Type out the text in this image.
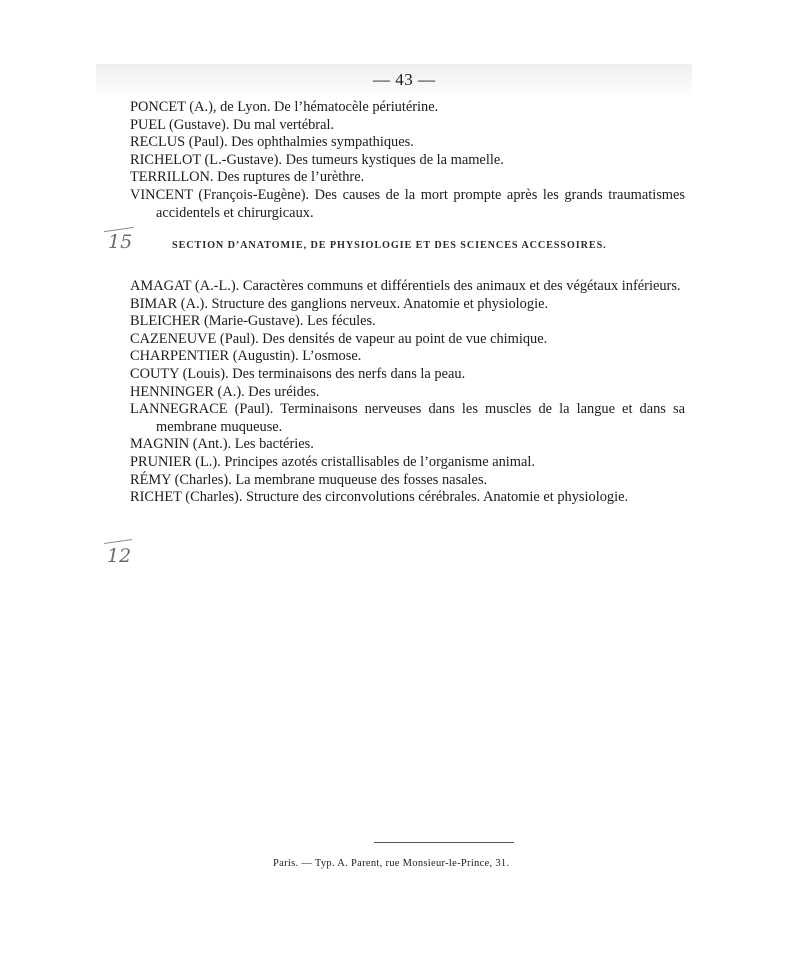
— 43 —

PONCET (A.), de Lyon. De l’hématocèle périutérine.

PUEL (Gustave). Du mal vertébral.

RECLUS (Paul). Des ophthalmies sympathiques.

RICHELOT (L.-Gustave). Des tumeurs kystiques de la mamelle.

TERRILLON. Des ruptures de l’urèthre.

VINCENT (François-Eugène). Des causes de la mort prompte après les grands traumatismes accidentels et chirurgicaux.

15	SECTION D’ANATOMIE, DE PHYSIOLOGIE ET DES SCIENCES ACCESSOIRES.

AMAGAT (A.-L.). Caractères communs et différentiels des animaux et des végétaux inférieurs.

BIMAR (A.). Structure des ganglions nerveux. Anatomie et physiologie.

BLEICHER (Marie-Gustave). Les fécules.

CAZENEUVE (Paul). Des densités de vapeur au point de vue chimique.

CHARPENTIER (Augustin). L’osmose.

COUTY (Louis). Des terminaisons des nerfs dans la peau.

HENNINGER (A.). Des uréides.

LANNEGRACE (Paul). Terminaisons nerveuses dans les muscles de la langue et dans sa membrane muqueuse.

MAGNIN (Ant.). Les bactéries.

PRUNIER (L.). Principes azotés cristallisables de l’organisme animal.

RÉMY (Charles). La membrane muqueuse des fosses nasales.

RICHET (Charles). Structure des circonvolutions cérébrales. Anatomie et physiologie.

12
Paris. — Typ. A. Parent, rue Monsieur-le-Prince, 31.
